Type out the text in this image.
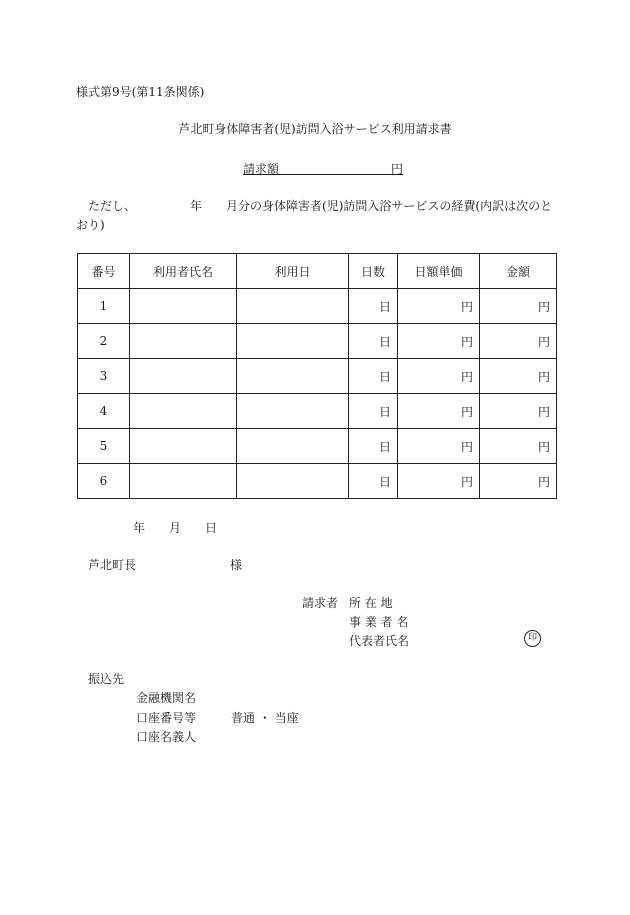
様式第9号(第11条関係)
芦北町身体障害者(児)訪問入浴サービス利用請求書
請求額	円
ただし、	年 月分の身体障害者(児)訪問入浴サービスの経費(内訳は次のとおり)
番号	利用者氏名	利用日	日数	日額単価	金額
1			日	円	円
2			日	円	円
3			日	円	円
4			日	円	円
5			日	円	円
6			日	円	円
年 月 日
芦北町長	様
請求者 所 在 地
事 業 者 名
代表者氏名	印
振込先
金融機関名
口座番号等	普通 ・ 当座
口座名義人
